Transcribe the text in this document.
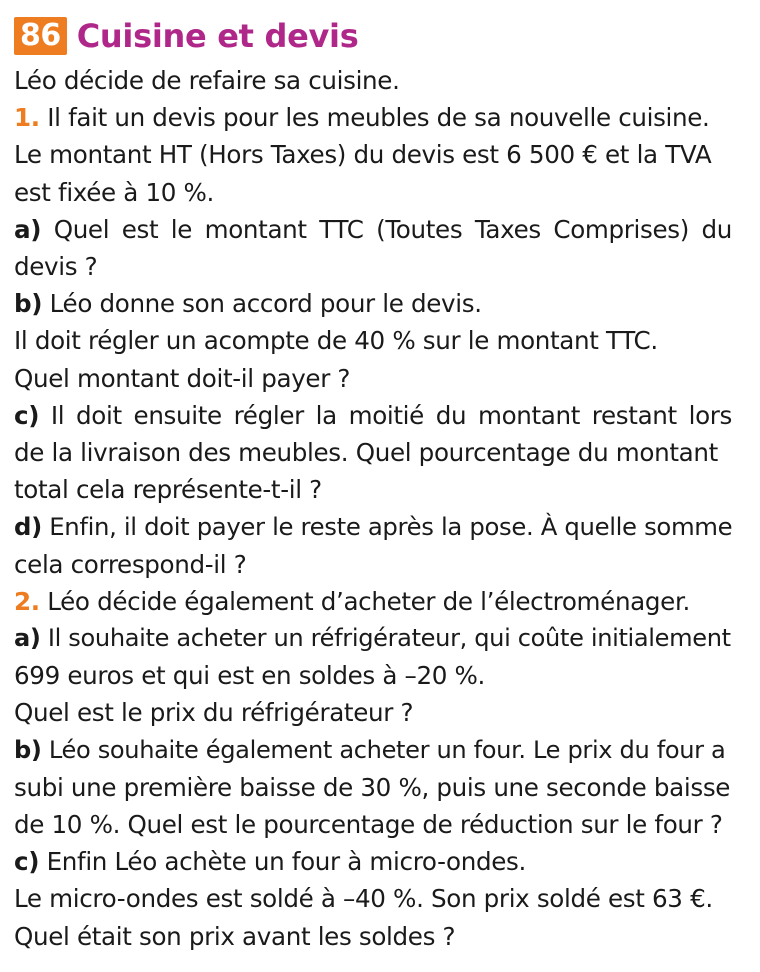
86 Cuisine et devis
Léo décide de refaire sa cuisine.
1. Il fait un devis pour les meubles de sa nouvelle cuisine.
Le montant HT (Hors Taxes) du devis est 6 500 € et la TVA
est fixée à 10 %.
a) Quel est le montant TTC (Toutes Taxes Comprises) du
devis ?
b) Léo donne son accord pour le devis.
Il doit régler un acompte de 40 % sur le montant TTC.
Quel montant doit-il payer ?
c) Il doit ensuite régler la moitié du montant restant lors
de la livraison des meubles. Quel pourcentage du montant
total cela représente-t-il ?
d) Enfin, il doit payer le reste après la pose. À quelle somme
cela correspond-il ?
2. Léo décide également d’acheter de l’électroménager.
a) Il souhaite acheter un réfrigérateur, qui coûte initialement
699 euros et qui est en soldes à –20 %.
Quel est le prix du réfrigérateur ?
b) Léo souhaite également acheter un four. Le prix du four a
subi une première baisse de 30 %, puis une seconde baisse
de 10 %. Quel est le pourcentage de réduction sur le four ?
c) Enfin Léo achète un four à micro-ondes.
Le micro-ondes est soldé à –40 %. Son prix soldé est 63 €.
Quel était son prix avant les soldes ?
